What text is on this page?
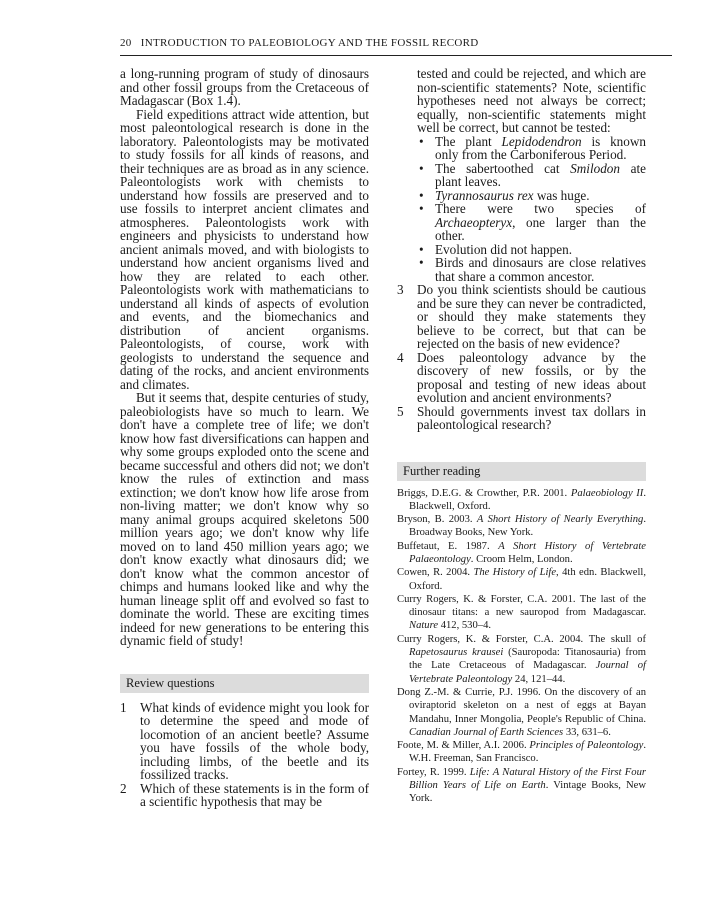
20 INTRODUCTION TO PALEOBIOLOGY AND THE FOSSIL RECORD

a long-running program of study of dinosaurs and other fossil groups from the Cretaceous of Madagascar (Box 1.4).

Field expeditions attract wide attention, but most paleontological research is done in the laboratory. Paleontologists may be motivated to study fossils for all kinds of reasons, and their techniques are as broad as in any science. Paleontologists work with chemists to understand how fossils are preserved and to use fossils to interpret ancient climates and atmospheres. Paleontologists work with engineers and physicists to understand how ancient animals moved, and with biologists to understand how ancient organisms lived and how they are related to each other. Paleontologists work with mathematicians to understand all kinds of aspects of evolution and events, and the biomechanics and distribution of ancient organisms. Paleontologists, of course, work with geologists to understand the sequence and dating of the rocks, and ancient environments and climates.

But it seems that, despite centuries of study, paleobiologists have so much to learn. We don't have a complete tree of life; we don't know how fast diversifications can happen and why some groups exploded onto the scene and became successful and others did not; we don't know the rules of extinction and mass extinction; we don't know how life arose from non-living matter; we don't know why so many animal groups acquired skeletons 500 million years ago; we don't know why life moved on to land 450 million years ago; we don't know exactly what dinosaurs did; we don't know what the common ancestor of chimps and humans looked like and why the human lineage split off and evolved so fast to dominate the world. These are exciting times indeed for new generations to be entering this dynamic field of study!

Review questions

1 What kinds of evidence might you look for to determine the speed and mode of locomotion of an ancient beetle? Assume you have fossils of the whole body, including limbs, of the beetle and its fossilized tracks.
2 Which of these statements is in the form of a scientific hypothesis that may be

tested and could be rejected, and which are non-scientific statements? Note, scientific hypotheses need not always be correct; equally, non-scientific statements might well be correct, but cannot be tested:

• The plant Lepidodendron is known only from the Carboniferous Period.
• The sabertoothed cat Smilodon ate plant leaves.
• Tyrannosaurus rex was huge.
• There were two species of Archaeopteryx, one larger than the other.
• Evolution did not happen.
• Birds and dinosaurs are close relatives that share a common ancestor.
3 Do you think scientists should be cautious and be sure they can never be contradicted, or should they make statements they believe to be correct, but that can be rejected on the basis of new evidence?
4 Does paleontology advance by the discovery of new fossils, or by the proposal and testing of new ideas about evolution and ancient environments?
5 Should governments invest tax dollars in paleontological research?

Further reading

Briggs, D.E.G. & Crowther, P.R. 2001. Palaeobiology II. Blackwell, Oxford.
Bryson, B. 2003. A Short History of Nearly Everything. Broadway Books, New York.
Buffetaut, E. 1987. A Short History of Vertebrate Palaeontology. Croom Helm, London.
Cowen, R. 2004. The History of Life, 4th edn. Blackwell, Oxford.
Curry Rogers, K. & Forster, C.A. 2001. The last of the dinosaur titans: a new sauropod from Madagascar. Nature 412, 530–4.
Curry Rogers, K. & Forster, C.A. 2004. The skull of Rapetosaurus krausei (Sauropoda: Titanosauria) from the Late Cretaceous of Madagascar. Journal of Vertebrate Paleontology 24, 121–44.
Dong Z.-M. & Currie, P.J. 1996. On the discovery of an oviraptorid skeleton on a nest of eggs at Bayan Mandahu, Inner Mongolia, People's Republic of China. Canadian Journal of Earth Sciences 33, 631–6.
Foote, M. & Miller, A.I. 2006. Principles of Paleontology. W.H. Freeman, San Francisco.
Fortey, R. 1999. Life: A Natural History of the First Four Billion Years of Life on Earth. Vintage Books, New York.
